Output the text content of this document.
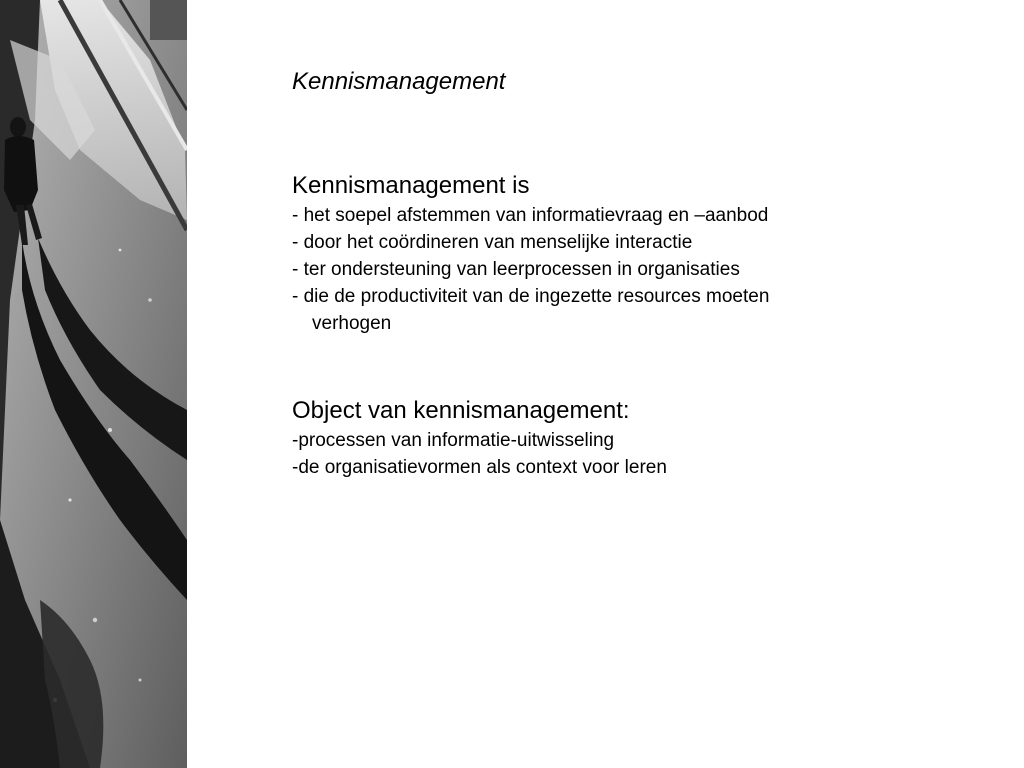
Kennismanagement
Kennismanagement is
- het soepel afstemmen van informatievraag en –aanbod
- door het coördineren van menselijke interactie
- ter ondersteuning van leerprocessen in organisaties
- die de productiviteit van de ingezette resources moeten
verhogen
Object van kennismanagement:
-processen van informatie-uitwisseling
-de organisatievormen als context voor leren
